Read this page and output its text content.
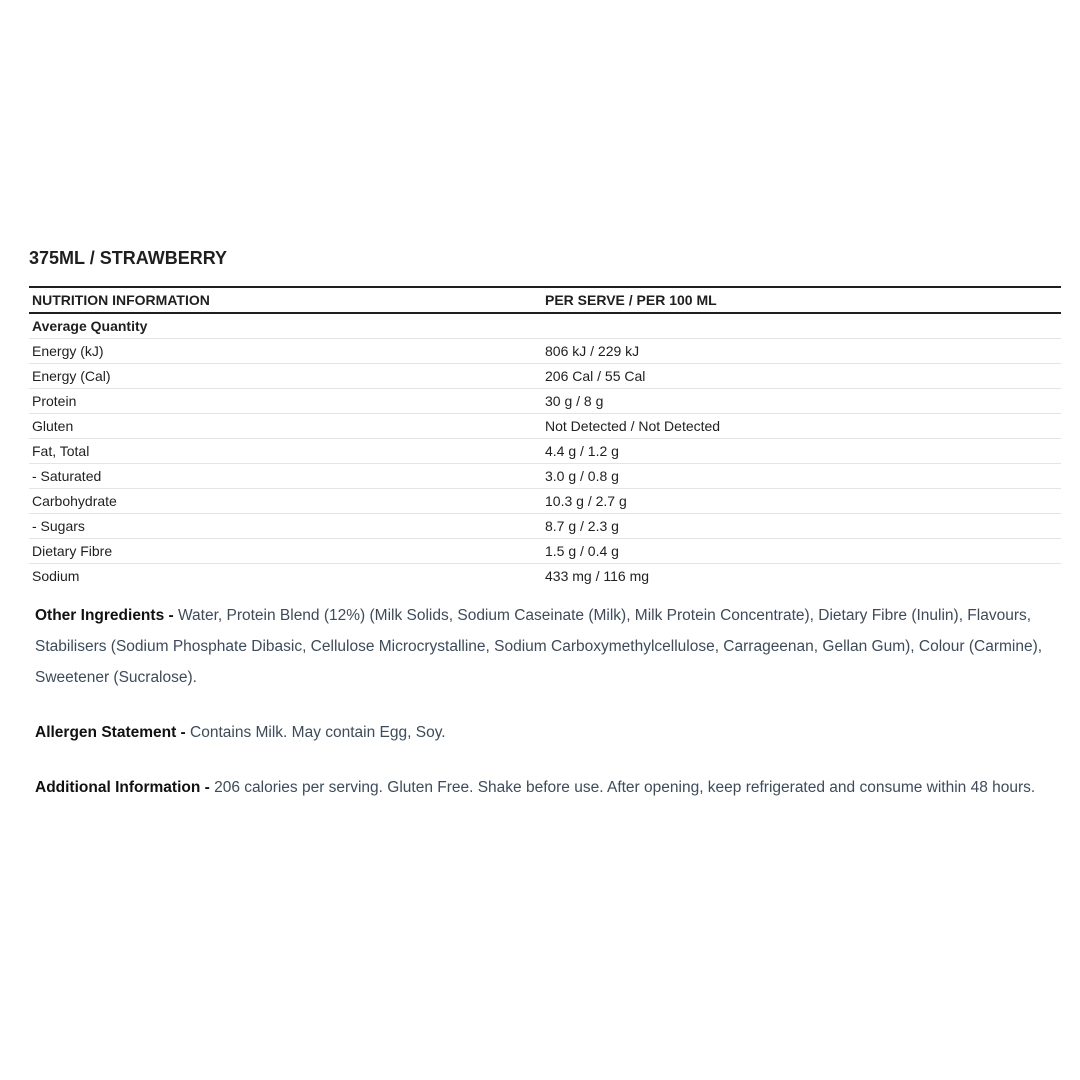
375ML / STRAWBERRY
NUTRITION INFORMATION	PER SERVE / PER 100 ML
Average Quantity	
Energy (kJ)	806 kJ / 229 kJ
Energy (Cal)	206 Cal / 55 Cal
Protein	30 g / 8 g
Gluten	Not Detected / Not Detected
Fat, Total	4.4 g / 1.2 g
- Saturated	3.0 g / 0.8 g
Carbohydrate	10.3 g / 2.7 g
- Sugars	8.7 g / 2.3 g
Dietary Fibre	1.5 g / 0.4 g
Sodium	433 mg / 116 mg

Other Ingredients - Water, Protein Blend (12%) (Milk Solids, Sodium Caseinate (Milk), Milk Protein Concentrate), Dietary Fibre (Inulin), Flavours, Stabilisers (Sodium Phosphate Dibasic, Cellulose Microcrystalline, Sodium Carboxymethylcellulose, Carrageenan, Gellan Gum), Colour (Carmine), Sweetener (Sucralose).

Allergen Statement - Contains Milk. May contain Egg, Soy.

Additional Information - 206 calories per serving. Gluten Free. Shake before use. After opening, keep refrigerated and consume within 48 hours.
